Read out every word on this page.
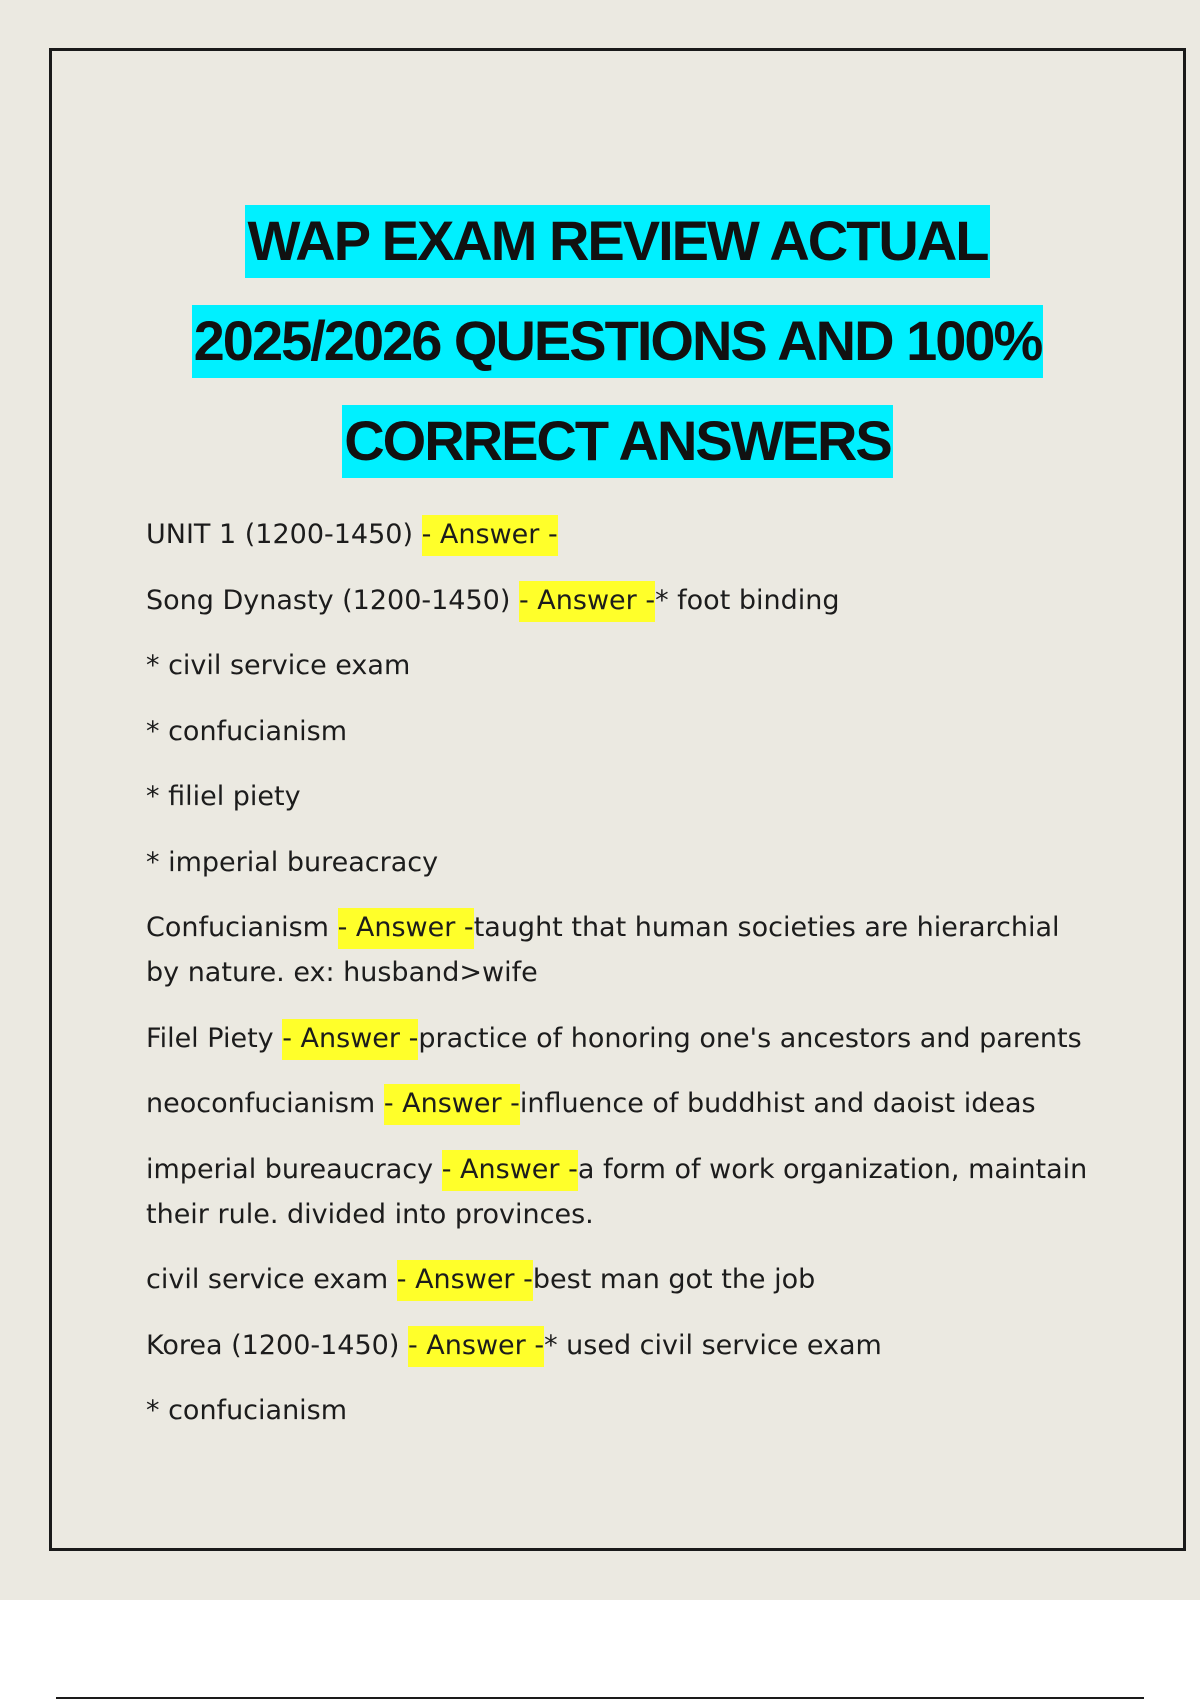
WAP EXAM REVIEW ACTUAL
2025/2026 QUESTIONS AND 100%
CORRECT ANSWERS

UNIT 1 (1200-1450) - Answer -

Song Dynasty (1200-1450) - Answer -* foot binding

* civil service exam

* confucianism

* filiel piety

* imperial bureacracy

Confucianism - Answer -taught that human societies are hierarchial by nature. ex: husband>wife

Filel Piety - Answer -practice of honoring one's ancestors and parents

neoconfucianism - Answer -influence of buddhist and daoist ideas

imperial bureaucracy - Answer -a form of work organization, maintain their rule. divided into provinces.

civil service exam - Answer -best man got the job

Korea (1200-1450) - Answer -* used civil service exam

* confucianism
